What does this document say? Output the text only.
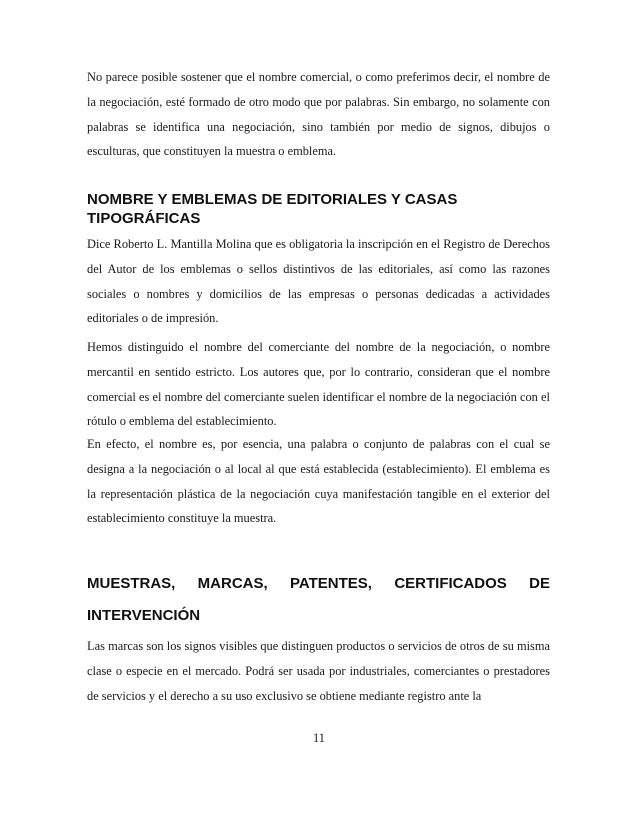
No parece posible sostener que el nombre comercial, o como preferimos decir, el nombre de la negociación, esté formado de otro modo que por palabras. Sin embargo, no solamente con palabras se identifica una negociación, sino también por medio de signos, dibujos o esculturas, que constituyen la muestra o emblema.

NOMBRE Y EMBLEMAS DE EDITORIALES Y CASAS TIPOGRÁFICAS

Dice Roberto L. Mantilla Molina que es obligatoria la inscripción en el Registro de Derechos del Autor de los emblemas o sellos distintivos de las editoriales, así como las razones sociales o nombres y domicilios de las empresas o personas dedicadas a actividades editoriales o de impresión.

Hemos distinguido el nombre del comerciante del nombre de la negociación, o nombre mercantil en sentido estricto. Los autores que, por lo contrario, consideran que el nombre comercial es el nombre del comerciante suelen identificar el nombre de la negociación con el rótulo o emblema del establecimiento.

En efecto, el nombre es, por esencia, una palabra o conjunto de palabras con el cual se designa a la negociación o al local al que está establecida (establecimiento). El emblema es la representación plástica de la negociación cuya manifestación tangible en el exterior del establecimiento constituye la muestra.

MUESTRAS, MARCAS, PATENTES, CERTIFICADOS DE INTERVENCIÓN

Las marcas son los signos visibles que distinguen productos o servicios de otros de su misma clase o especie en el mercado. Podrá ser usada por industriales, comerciantes o prestadores de servicios y el derecho a su uso exclusivo se obtiene mediante registro ante la

11
